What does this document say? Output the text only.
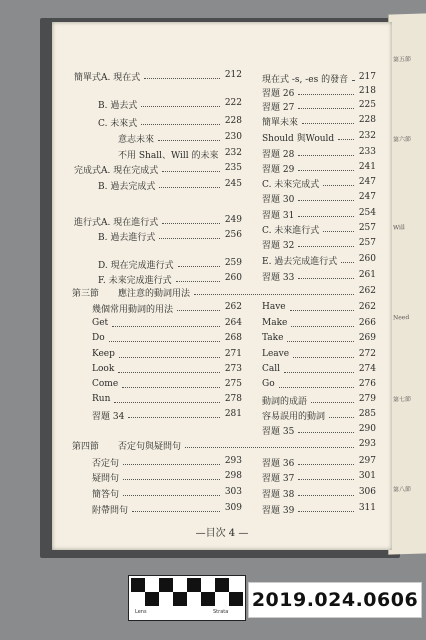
第五節
第六節
Will
Need
第七節
第八節
簡單式A. 現在式	212
B. 過去式	222
C. 未來式	228
意志未來	230
不用 Shall、Will 的未來 232
完成式A. 現在完成式	235
B. 過去完成式	245
進行式A. 現在進行式	249
B. 過去進行式	256
D. 現在完成進行式	259
F. 未來完成進行式	260
現在式 -s, -es 的發音	217
習題 26	218
習題 27	225
簡單未來	228
Should 與Would	232
習題 28	233
習題 29	241
C. 未來完成式	247
習題 30	247
習題 31	254
C. 未來進行式	257
習題 32	257
E. 過去完成進行式	260
習題 33	261
第三節 應注意的動詞用法	262
幾個常用動詞的用法	262
Get	264
Do	268
Keep	271
Look	273
Come	275
Run	278
習題 34	281
Have	262
Make	266
Take	269
Leave	272
Call	274
Go	276
動詞的成語	279
容易誤用的動詞	285
習題 35	290
第四節 否定句與疑問句	293
否定句	293
疑問句	298
簡答句	303
附帶問句	309
習題 36	297
習題 37	301
習題 38	306
習題 39	311
—目次 4 —
Lens	Strata
2019.024.0606
